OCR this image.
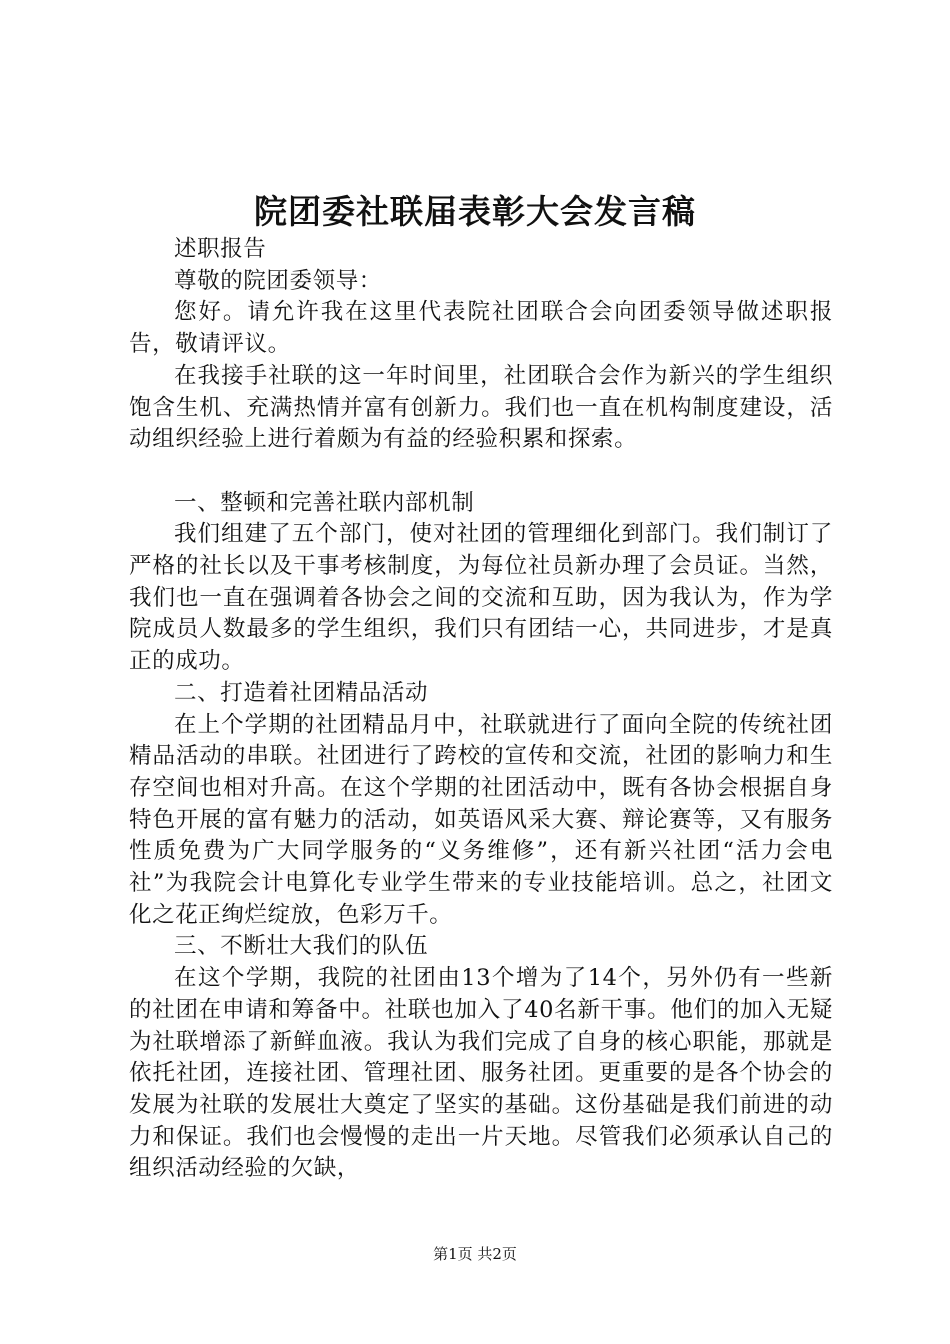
院团委社联届表彰大会发言稿

述职报告

尊敬的院团委领导：

您好。请允许我在这里代表院社团联合会向团委领导做述职报告，敬请评议。

在我接手社联的这一年时间里，社团联合会作为新兴的学生组织饱含生机、充满热情并富有创新力。我们也一直在机构制度建设，活动组织经验上进行着颇为有益的经验积累和探索。

一、整顿和完善社联内部机制

我们组建了五个部门，使对社团的管理细化到部门。我们制订了严格的社长以及干事考核制度，为每位社员新办理了会员证。当然，我们也一直在强调着各协会之间的交流和互助，因为我认为，作为学院成员人数最多的学生组织，我们只有团结一心，共同进步，才是真正的成功。

二、打造着社团精品活动

在上个学期的社团精品月中，社联就进行了面向全院的传统社团精品活动的串联。社团进行了跨校的宣传和交流，社团的影响力和生存空间也相对升高。在这个学期的社团活动中，既有各协会根据自身特色开展的富有魅力的活动，如英语风采大赛、辩论赛等，又有服务性质免费为广大同学服务的“义务维修”，还有新兴社团“活力会电社”为我院会计电算化专业学生带来的专业技能培训。总之，社团文化之花正绚烂绽放，色彩万千。

三、不断壮大我们的队伍

在这个学期，我院的社团由13个增为了14个，另外仍有一些新的社团在申请和筹备中。社联也加入了40名新干事。他们的加入无疑为社联增添了新鲜血液。我认为我们完成了自身的核心职能，那就是依托社团，连接社团、管理社团、服务社团。更重要的是各个协会的发展为社联的发展壮大奠定了坚实的基础。这份基础是我们前进的动力和保证。我们也会慢慢的走出一片天地。尽管我们必须承认自己的组织活动经验的欠缺，

第1页 共2页
